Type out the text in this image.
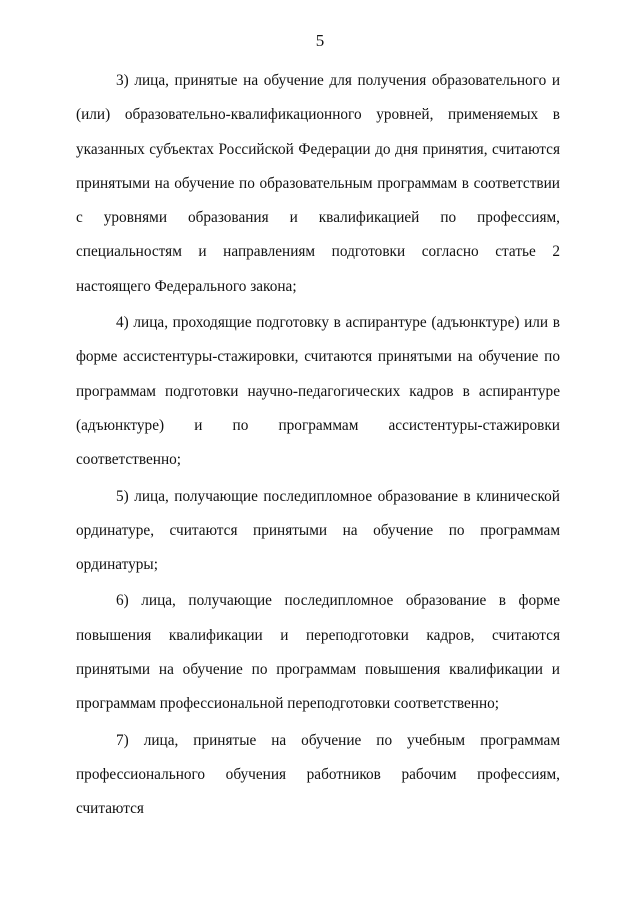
5

3) лица, принятые на обучение для получения образовательного и (или) образовательно-квалификационного уровней, применяемых в указанных субъектах Российской Федерации до дня принятия, считаются принятыми на обучение по образовательным программам в соответствии с уровнями образования и квалификацией по профессиям, специальностям и направлениям подготовки согласно статье 2 настоящего Федерального закона;

4) лица, проходящие подготовку в аспирантуре (адъюнктуре) или в форме ассистентуры-стажировки, считаются принятыми на обучение по программам подготовки научно-педагогических кадров в аспирантуре (адъюнктуре) и по программам ассистентуры-стажировки соответственно;

5) лица, получающие последипломное образование в клинической ординатуре, считаются принятыми на обучение по программам ординатуры;

6) лица, получающие последипломное образование в форме повышения квалификации и переподготовки кадров, считаются принятыми на обучение по программам повышения квалификации и программам профессиональной переподготовки соответственно;

7) лица, принятые на обучение по учебным программам профессионального обучения работников рабочим профессиям, считаются
